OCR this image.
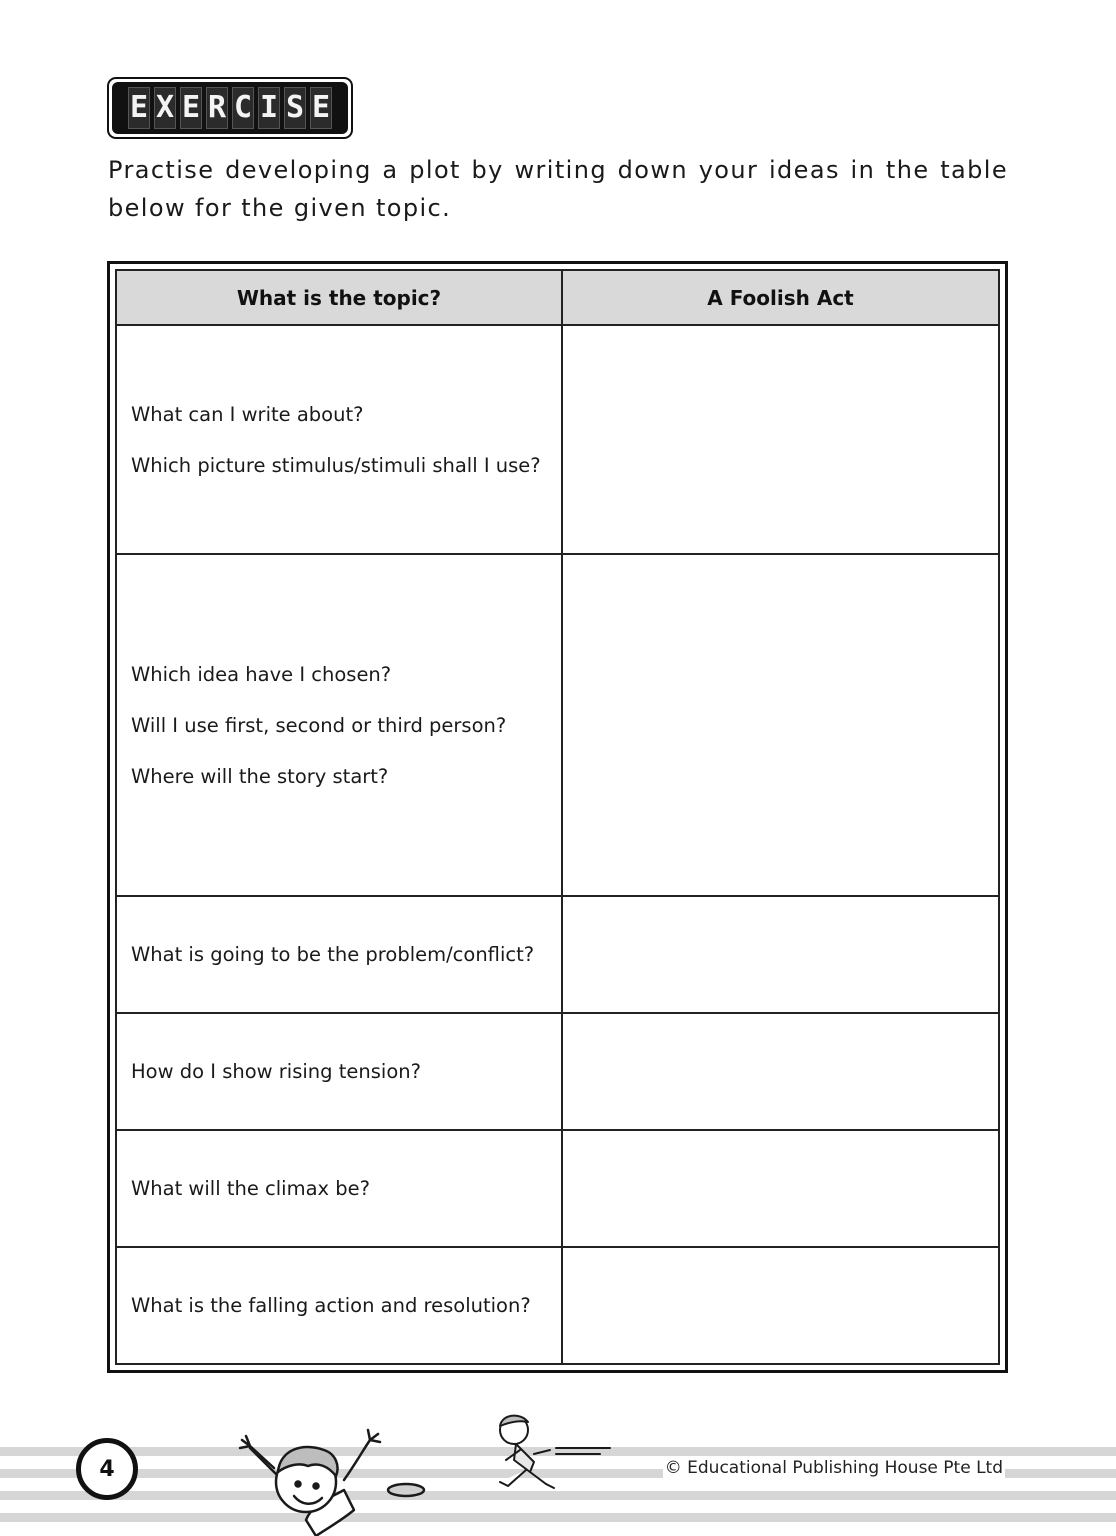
E X E R C I S E

Practise developing a plot by writing down your ideas in the table below for the given topic.

What is the topic?	A Foolish Act

What can I write about?
Which picture stimulus/stimuli shall I use?	

Which idea have I chosen?
Will I use first, second or third person?
Where will the story start?	

What is going to be the problem/conflict?	

How do I show rising tension?	

What will the climax be?	

What is the falling action and resolution?	

4	© Educational Publishing House Pte Ltd
